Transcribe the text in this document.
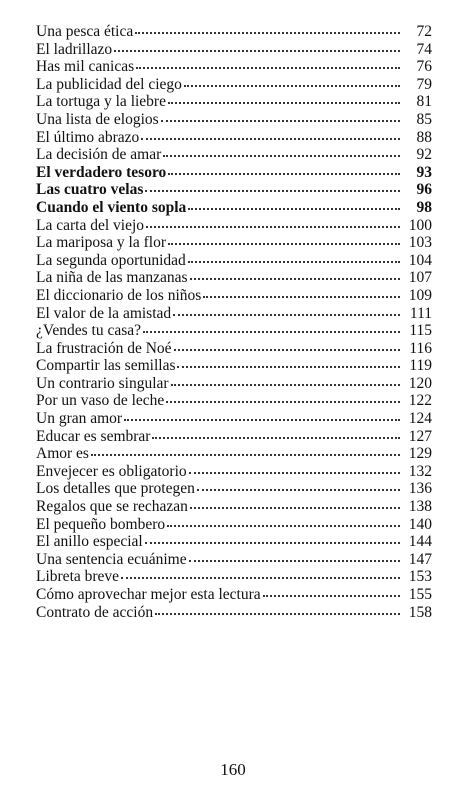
Una pesca ética	72
El ladrillazo	74
Has mil canicas	76
La publicidad del ciego	79
La tortuga y la liebre	81
Una lista de elogios	85
El último abrazo	88
La decisión de amar	92
El verdadero tesoro	93
Las cuatro velas	96
Cuando el viento sopla	98
La carta del viejo	100
La mariposa y la flor	103
La segunda oportunidad	104
La niña de las manzanas	107
El diccionario de los niños	109
El valor de la amistad	111
¿Vendes tu casa?	115
La frustración de Noé	116
Compartir las semillas	119
Un contrario singular	120
Por un vaso de leche	122
Un gran amor	124
Educar es sembrar	127
Amor es	129
Envejecer es obligatorio	132
Los detalles que protegen	136
Regalos que se rechazan	138
El pequeño bombero	140
El anillo especial	144
Una sentencia ecuánime	147
Libreta breve	153
Cómo aprovechar mejor esta lectura	155
Contrato de acción	158
160
